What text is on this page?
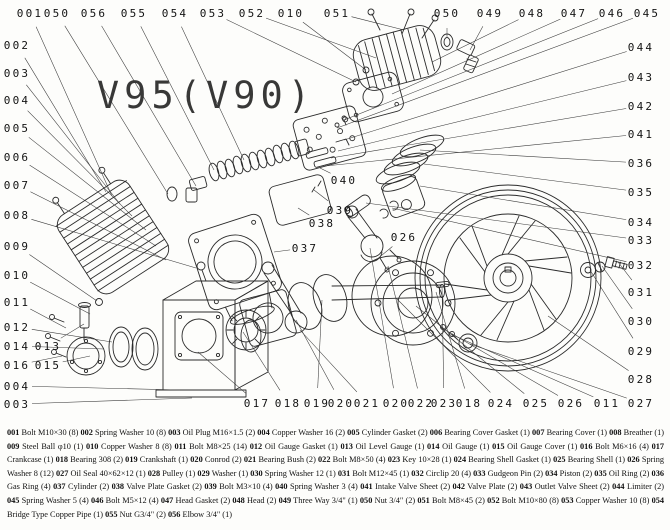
V95(V90)
001 050 056 055 054 053 052 010 051	050 049 048 047 046 045
044
043
042
041
036
035
034
033
032
031
030
029
028
027
011
026
025
024
018
023
022
020
021
020
019
018
017
002
003
004
005
006
007
008
009
010
011
012
014 013
016 015
004
003
040
039
038
037
026

001 Bolt M10×30 (8) 002 Spring Washer 10 (8) 003 Oil Plug M16×1.5 (2) 004 Copper Washer 16 (2) 005 Cylinder Gasket (2) 006 Bearing Cover Gasket (1) 007 Bearing Cover (1) 008 Breather (1) 009 Steel Ball φ10 (1) 010 Copper Washer 8 (8) 011 Bolt M8×25 (14) 012 Oil Gauge Gasket (1) 013 Oil Level Gauge (1) 014 Oil Gauge (1) 015 Oil Gauge Cover (1) 016 Bolt M6×16 (4) 017 Crankcase (1) 018 Bearing 308 (2) 019 Crankshaft (1) 020 Conrod (2) 021 Bearing Bush (2) 022 Bolt M8×50 (4) 023 Key 10×28 (1) 024 Bearing Shell Gasket (1) 025 Bearing Shell (1) 026 Spring Washer 8 (12) 027 Oil Seal 40×62×12 (1) 028 Pulley (1) 029 Washer (1) 030 Spring Washer 12 (1) 031 Bolt M12×45 (1) 032 Circlip 20 (4) 033 Gudgeon Pin (2) 034 Piston (2) 035 Oil Ring (2) 036 Gas Ring (4) 037 Cylinder (2) 038 Valve Plate Gasket (2) 039 Bolt M3×10 (4) 040 Spring Washer 3 (4) 041 Intake Valve Sheet (2) 042 Valve Plate (2) 043 Outlet Valve Sheet (2) 044 Limiter (2) 045 Spring Washer 5 (4) 046 Bolt M5×12 (4) 047 Head Gasket (2) 048 Head (2) 049 Three Way 3/4" (1) 050 Nut 3/4" (2) 051 Bolt M8×45 (2) 052 Bolt M10×80 (8) 053 Copper Washer 10 (8) 054 Bridge Type Copper Pipe (1) 055 Nut G3/4" (2) 056 Elbow 3/4" (1)
